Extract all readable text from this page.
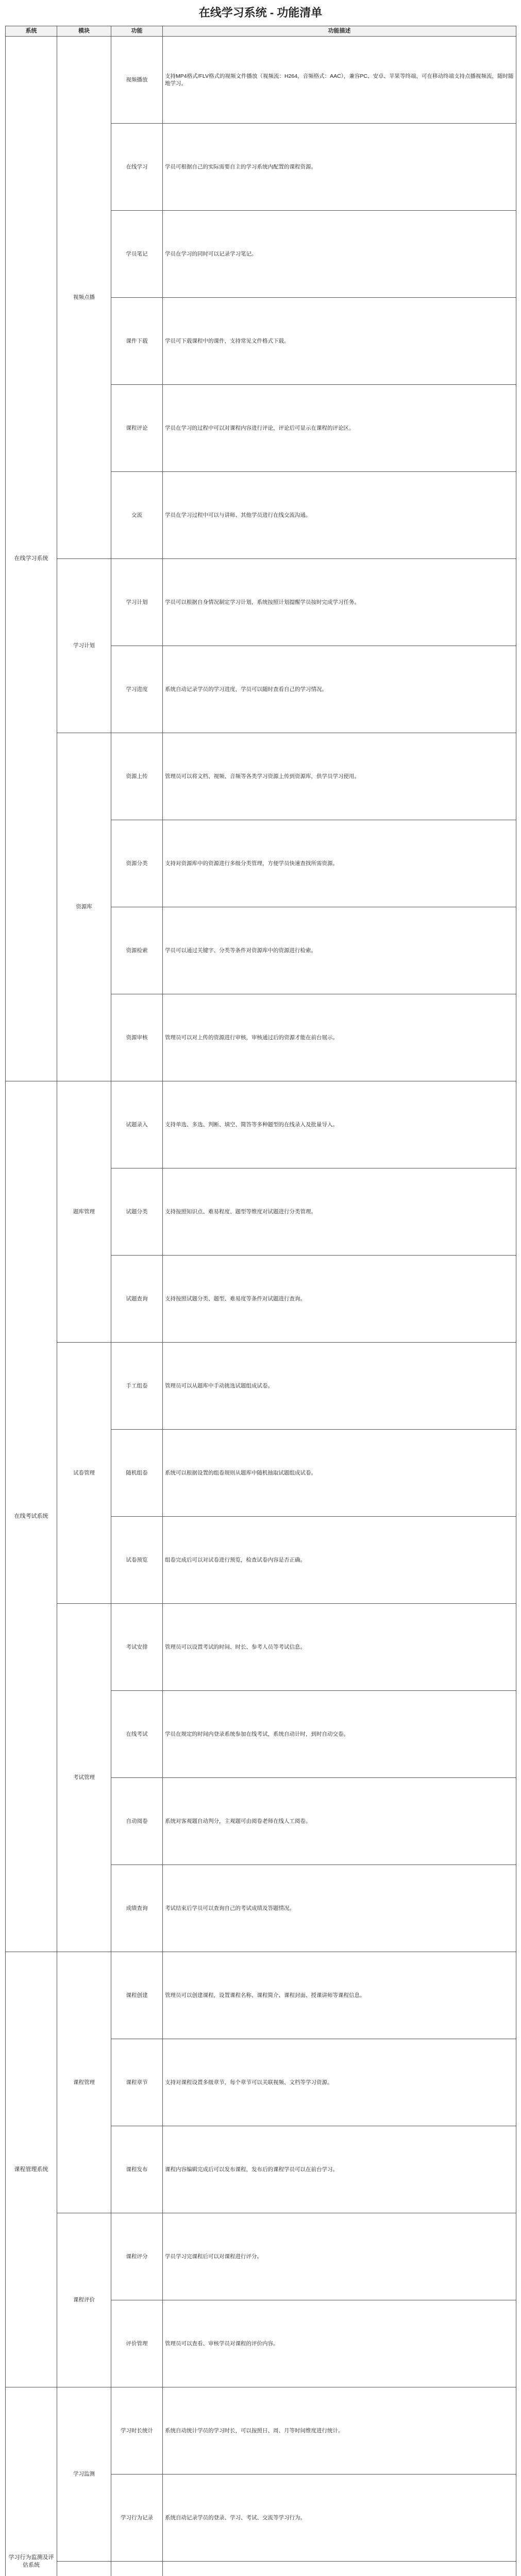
在线学习系统 - 功能清单
系统	模块	功能	功能描述
在线学习系统	视频点播	视频播放	支持MP4格式/FLV格式的视频文件播放（视频流：H264，音频格式：AAC），兼容PC、安卓、苹果等终端，可在移动终端支持点播视频流，随时随地学习。
		在线学习	学员可根据自己的实际需要自主的学习系统内配置的课程资源。
		学员笔记	学员在学习的同时可以记录学习笔记。
		课件下载	学员可下载课程中的课件，支持常见文件格式下载。
		课程评论	学员在学习的过程中可以对课程内容进行评论，评论后可显示在课程的评论区。
		交流	学员在学习过程中可以与讲师、其他学员进行在线交流沟通。
	学习计划	学习计划	学员可以根据自身情况制定学习计划，系统按照计划提醒学员按时完成学习任务。
		学习进度	系统自动记录学员的学习进度，学员可以随时查看自己的学习情况。
	资源库	资源上传	管理员可以将文档、视频、音频等各类学习资源上传到资源库，供学员学习使用。
		资源分类	支持对资源库中的资源进行多级分类管理，方便学员快速查找所需资源。
		资源检索	学员可以通过关键字、分类等条件对资源库中的资源进行检索。
		资源审核	管理员可以对上传的资源进行审核，审核通过后的资源才能在前台展示。
在线考试系统	题库管理	试题录入	支持单选、多选、判断、填空、简答等多种题型的在线录入及批量导入。
		试题分类	支持按照知识点、难易程度、题型等维度对试题进行分类管理。
		试题查询	支持按照试题分类、题型、难易度等条件对试题进行查询。
	试卷管理	手工组卷	管理员可以从题库中手动挑选试题组成试卷。
		随机组卷	系统可以根据设置的组卷规则从题库中随机抽取试题组成试卷。
		试卷预览	组卷完成后可以对试卷进行预览，检查试卷内容是否正确。
	考试管理	考试安排	管理员可以设置考试的时间、时长、参考人员等考试信息。
		在线考试	学员在规定的时间内登录系统参加在线考试，系统自动计时，到时自动交卷。
		自动阅卷	系统对客观题自动判分，主观题可由阅卷老师在线人工阅卷。
		成绩查询	考试结束后学员可以查询自己的考试成绩及答题情况。
课程管理系统	课程管理	课程创建	管理员可以创建课程，设置课程名称、课程简介、课程封面、授课讲师等课程信息。
		课程章节	支持对课程设置多级章节，每个章节可以关联视频、文档等学习资源。
		课程发布	课程内容编辑完成后可以发布课程，发布后的课程学员可以在前台学习。
	课程评价	课程评分	学员学习完课程后可以对课程进行评分。
		评价管理	管理员可以查看、审核学员对课程的评价内容。
学习行为监测及评估系统	学习监测	学习时长统计	系统自动统计学员的学习时长，可以按照日、周、月等时间维度进行统计。
		学习行为记录	系统自动记录学员的登录、学习、考试、交流等学习行为。
